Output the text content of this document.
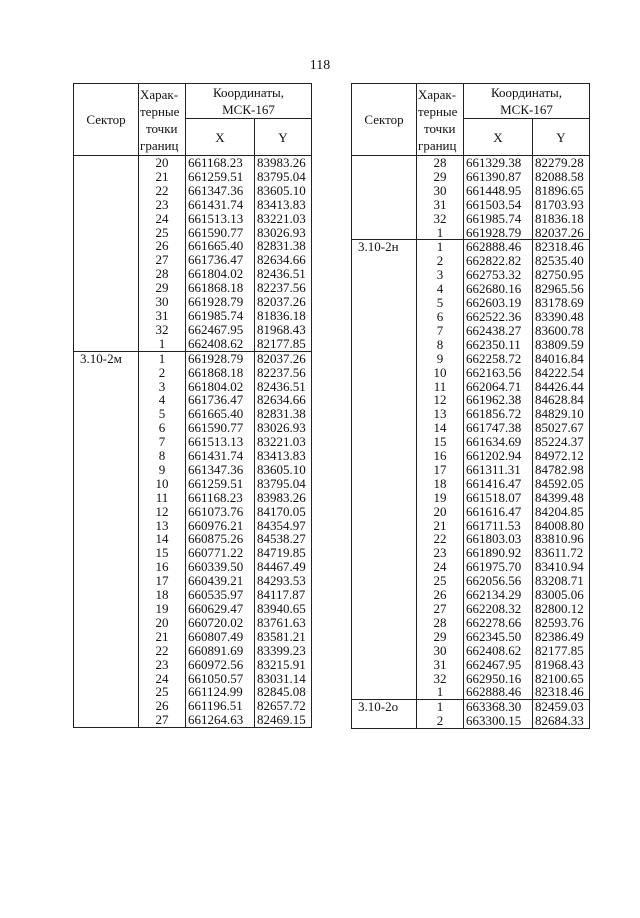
118
Сектор	Харак-
терные
точки
границ	Координаты,
МСК-167	
		X	Y
	20	661168.23	83983.26
	21	661259.51	83795.04
	22	661347.36	83605.10
	23	661431.74	83413.83
	24	661513.13	83221.03
	25	661590.77	83026.93
	26	661665.40	82831.38
	27	661736.47	82634.66
	28	661804.02	82436.51
	29	661868.18	82237.56
	30	661928.79	82037.26
	31	661985.74	81836.18
	32	662467.95	81968.43
	1	662408.62	82177.85
3.10-2м	1	661928.79	82037.26
	2	661868.18	82237.56
	3	661804.02	82436.51
	4	661736.47	82634.66
	5	661665.40	82831.38
	6	661590.77	83026.93
	7	661513.13	83221.03
	8	661431.74	83413.83
	9	661347.36	83605.10
	10	661259.51	83795.04
	11	661168.23	83983.26
	12	661073.76	84170.05
	13	660976.21	84354.97
	14	660875.26	84538.27
	15	660771.22	84719.85
	16	660339.50	84467.49
	17	660439.21	84293.53
	18	660535.97	84117.87
	19	660629.47	83940.65
	20	660720.02	83761.63
	21	660807.49	83581.21
	22	660891.69	83399.23
	23	660972.56	83215.91
	24	661050.57	83031.14
	25	661124.99	82845.08
	26	661196.51	82657.72
	27	661264.63	82469.15
Сектор	Харак-
терные
точки
границ	Координаты,
МСК-167	
		X	Y
	28	661329.38	82279.28
	29	661390.87	82088.58
	30	661448.95	81896.65
	31	661503.54	81703.93
	32	661985.74	81836.18
	1	661928.79	82037.26
3.10-2н	1	662888.46	82318.46
	2	662822.82	82535.40
	3	662753.32	82750.95
	4	662680.16	82965.56
	5	662603.19	83178.69
	6	662522.36	83390.48
	7	662438.27	83600.78
	8	662350.11	83809.59
	9	662258.72	84016.84
	10	662163.56	84222.54
	11	662064.71	84426.44
	12	661962.38	84628.84
	13	661856.72	84829.10
	14	661747.38	85027.67
	15	661634.69	85224.37
	16	661202.94	84972.12
	17	661311.31	84782.98
	18	661416.47	84592.05
	19	661518.07	84399.48
	20	661616.47	84204.85
	21	661711.53	84008.80
	22	661803.03	83810.96
	23	661890.92	83611.72
	24	661975.70	83410.94
	25	662056.56	83208.71
	26	662134.29	83005.06
	27	662208.32	82800.12
	28	662278.66	82593.76
	29	662345.50	82386.49
	30	662408.62	82177.85
	31	662467.95	81968.43
	32	662950.16	82100.65
	1	662888.46	82318.46
3.10-2о	1	663368.30	82459.03
	2	663300.15	82684.33
